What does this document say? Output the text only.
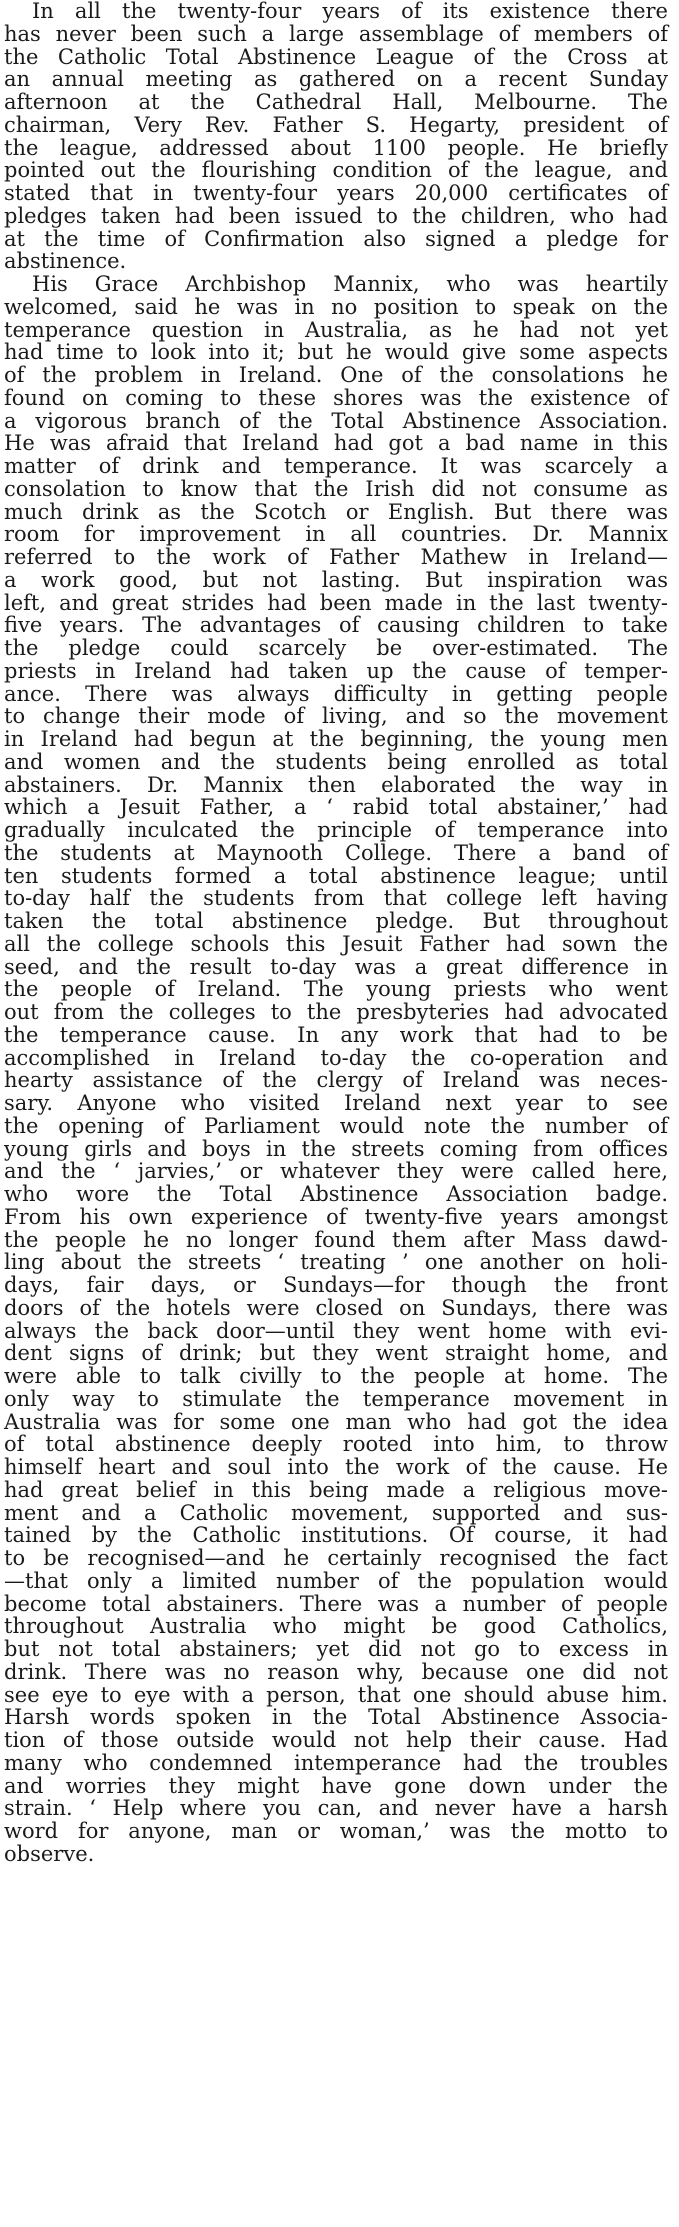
In all the twenty-four years of its existence there
has never been such a large assemblage of members of
the Catholic Total Abstinence League of the Cross at
an annual meeting as gathered on a recent Sunday
afternoon at the Cathedral Hall, Melbourne. The
chairman, Very Rev. Father S. Hegarty, president of
the league, addressed about 1100 people. He briefly
pointed out the flourishing condition of the league, and
stated that in twenty-four years 20,000 certificates of
pledges taken had been issued to the children, who had
at the time of Confirmation also signed a pledge for
abstinence.
His Grace Archbishop Mannix, who was heartily
welcomed, said he was in no position to speak on the
temperance question in Australia, as he had not yet
had time to look into it; but he would give some aspects
of the problem in Ireland. One of the consolations he
found on coming to these shores was the existence of
a vigorous branch of the Total Abstinence Association.
He was afraid that Ireland had got a bad name in this
matter of drink and temperance. It was scarcely a
consolation to know that the Irish did not consume as
much drink as the Scotch or English. But there was
room for improvement in all countries. Dr. Mannix
referred to the work of Father Mathew in Ireland—
a work good, but not lasting. But inspiration was
left, and great strides had been made in the last twenty-
five years. The advantages of causing children to take
the pledge could scarcely be over-estimated. The
priests in Ireland had taken up the cause of temper-
ance. There was always difficulty in getting people
to change their mode of living, and so the movement
in Ireland had begun at the beginning, the young men
and women and the students being enrolled as total
abstainers. Dr. Mannix then elaborated the way in
which a Jesuit Father, a ‘ rabid total abstainer,’ had
gradually inculcated the principle of temperance into
the students at Maynooth College. There a band of
ten students formed a total abstinence league; until
to-day half the students from that college left having
taken the total abstinence pledge. But throughout
all the college schools this Jesuit Father had sown the
seed, and the result to-day was a great difference in
the people of Ireland. The young priests who went
out from the colleges to the presbyteries had advocated
the temperance cause. In any work that had to be
accomplished in Ireland to-day the co-operation and
hearty assistance of the clergy of Ireland was neces-
sary. Anyone who visited Ireland next year to see
the opening of Parliament would note the number of
young girls and boys in the streets coming from offices
and the ‘ jarvies,’ or whatever they were called here,
who wore the Total Abstinence Association badge.
From his own experience of twenty-five years amongst
the people he no longer found them after Mass dawd-
ling about the streets ‘ treating ’ one another on holi-
days, fair days, or Sundays—for though the front
doors of the hotels were closed on Sundays, there was
always the back door—until they went home with evi-
dent signs of drink; but they went straight home, and
were able to talk civilly to the people at home. The
only way to stimulate the temperance movement in
Australia was for some one man who had got the idea
of total abstinence deeply rooted into him, to throw
himself heart and soul into the work of the cause. He
had great belief in this being made a religious move-
ment and a Catholic movement, supported and sus-
tained by the Catholic institutions. Of course, it had
to be recognised—and he certainly recognised the fact
—that only a limited number of the population would
become total abstainers. There was a number of people
throughout Australia who might be good Catholics,
but not total abstainers; yet did not go to excess in
drink. There was no reason why, because one did not
see eye to eye with a person, that one should abuse him.
Harsh words spoken in the Total Abstinence Associa-
tion of those outside would not help their cause. Had
many who condemned intemperance had the troubles
and worries they might have gone down under the
strain. ‘ Help where you can, and never have a harsh
word for anyone, man or woman,’ was the motto to
observe.
